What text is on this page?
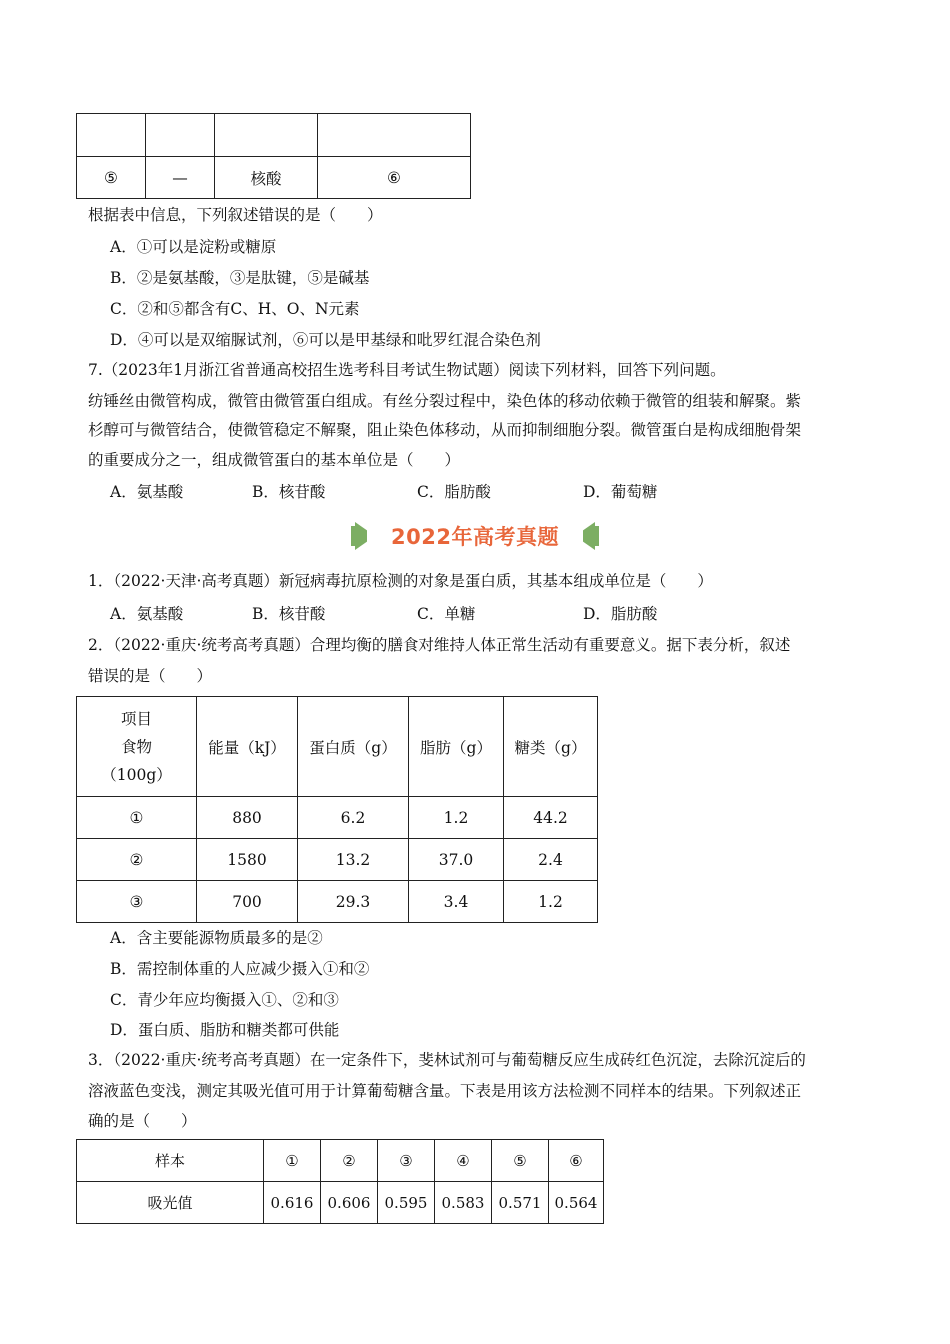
⑤	—	核酸	⑥
根据表中信息，下列叙述错误的是（　　）
A．①可以是淀粉或糖原
B．②是氨基酸，③是肽键，⑤是碱基
C．②和⑤都含有C、H、O、N元素
D．④可以是双缩脲试剂，⑥可以是甲基绿和吡罗红混合染色剂
7.（2023年1月浙江省普通高校招生选考科目考试生物试题）阅读下列材料，回答下列问题。
纺锤丝由微管构成，微管由微管蛋白组成。有丝分裂过程中，染色体的移动依赖于微管的组装和解聚。紫
杉醇可与微管结合，使微管稳定不解聚，阻止染色体移动，从而抑制细胞分裂。微管蛋白是构成细胞骨架
的重要成分之一，组成微管蛋白的基本单位是（　　）
A．氨基酸	B．核苷酸	C．脂肪酸	D．葡萄糖
2022年高考真题
1．（2022·天津·高考真题）新冠病毒抗原检测的对象是蛋白质，其基本组成单位是（　　）
A．氨基酸	B．核苷酸	C．单糖	D．脂肪酸
2．（2022·重庆·统考高考真题）合理均衡的膳食对维持人体正常生活动有重要意义。据下表分析，叙述
错误的是（　　）
项目
食物
（100g）	能量（kJ）	蛋白质（g）	脂肪（g）	糖类（g）
①	880	6.2	1.2	44.2
②	1580	13.2	37.0	2.4
③	700	29.3	3.4	1.2
A．含主要能源物质最多的是②
B．需控制体重的人应减少摄入①和②
C．青少年应均衡摄入①、②和③
D．蛋白质、脂肪和糖类都可供能
3．（2022·重庆·统考高考真题）在一定条件下，斐林试剂可与葡萄糖反应生成砖红色沉淀，去除沉淀后的
溶液蓝色变浅，测定其吸光值可用于计算葡萄糖含量。下表是用该方法检测不同样本的结果。下列叙述正
确的是（　　）
样本	①	②	③	④	⑤	⑥
吸光值	0.616	0.606	0.595	0.583	0.571	0.564
